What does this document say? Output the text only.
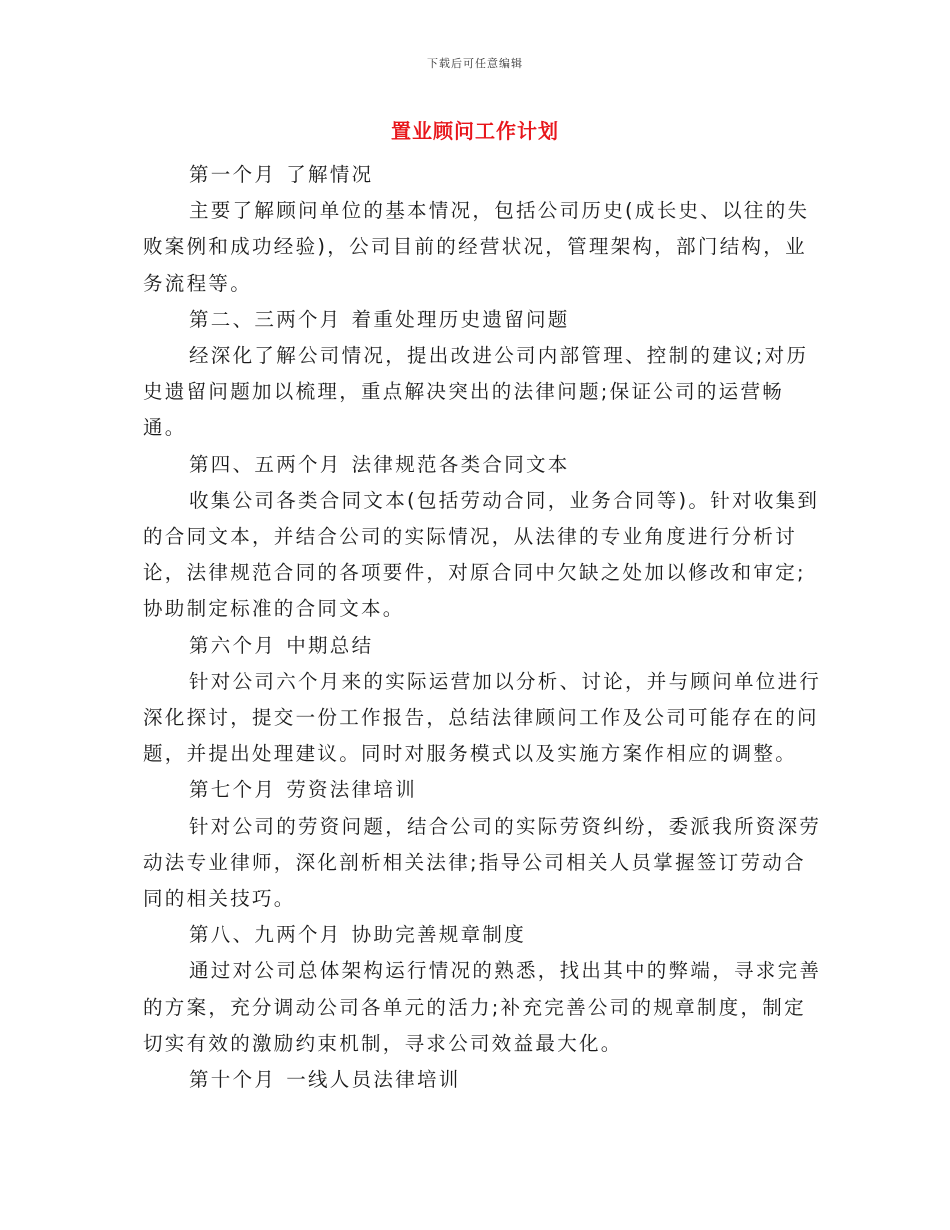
下载后可任意编辑
置业顾问工作计划

第一个月 了解情况

主要了解顾问单位的基本情况，包括公司历史(成长史、以往的失败案例和成功经验)，公司目前的经营状况，管理架构，部门结构，业务流程等。

第二、三两个月 着重处理历史遗留问题

经深化了解公司情况，提出改进公司内部管理、控制的建议;对历史遗留问题加以梳理，重点解决突出的法律问题;保证公司的运营畅通。

第四、五两个月 法律规范各类合同文本

收集公司各类合同文本(包括劳动合同，业务合同等)。针对收集到的合同文本，并结合公司的实际情况，从法律的专业角度进行分析讨论，法律规范合同的各项要件，对原合同中欠缺之处加以修改和审定;协助制定标准的合同文本。

第六个月 中期总结

针对公司六个月来的实际运营加以分析、讨论，并与顾问单位进行深化探讨，提交一份工作报告，总结法律顾问工作及公司可能存在的问题，并提出处理建议。同时对服务模式以及实施方案作相应的调整。

第七个月 劳资法律培训

针对公司的劳资问题，结合公司的实际劳资纠纷，委派我所资深劳动法专业律师，深化剖析相关法律;指导公司相关人员掌握签订劳动合同的相关技巧。

第八、九两个月 协助完善规章制度

通过对公司总体架构运行情况的熟悉，找出其中的弊端，寻求完善的方案，充分调动公司各单元的活力;补充完善公司的规章制度，制定切实有效的激励约束机制，寻求公司效益最大化。

第十个月 一线人员法律培训
